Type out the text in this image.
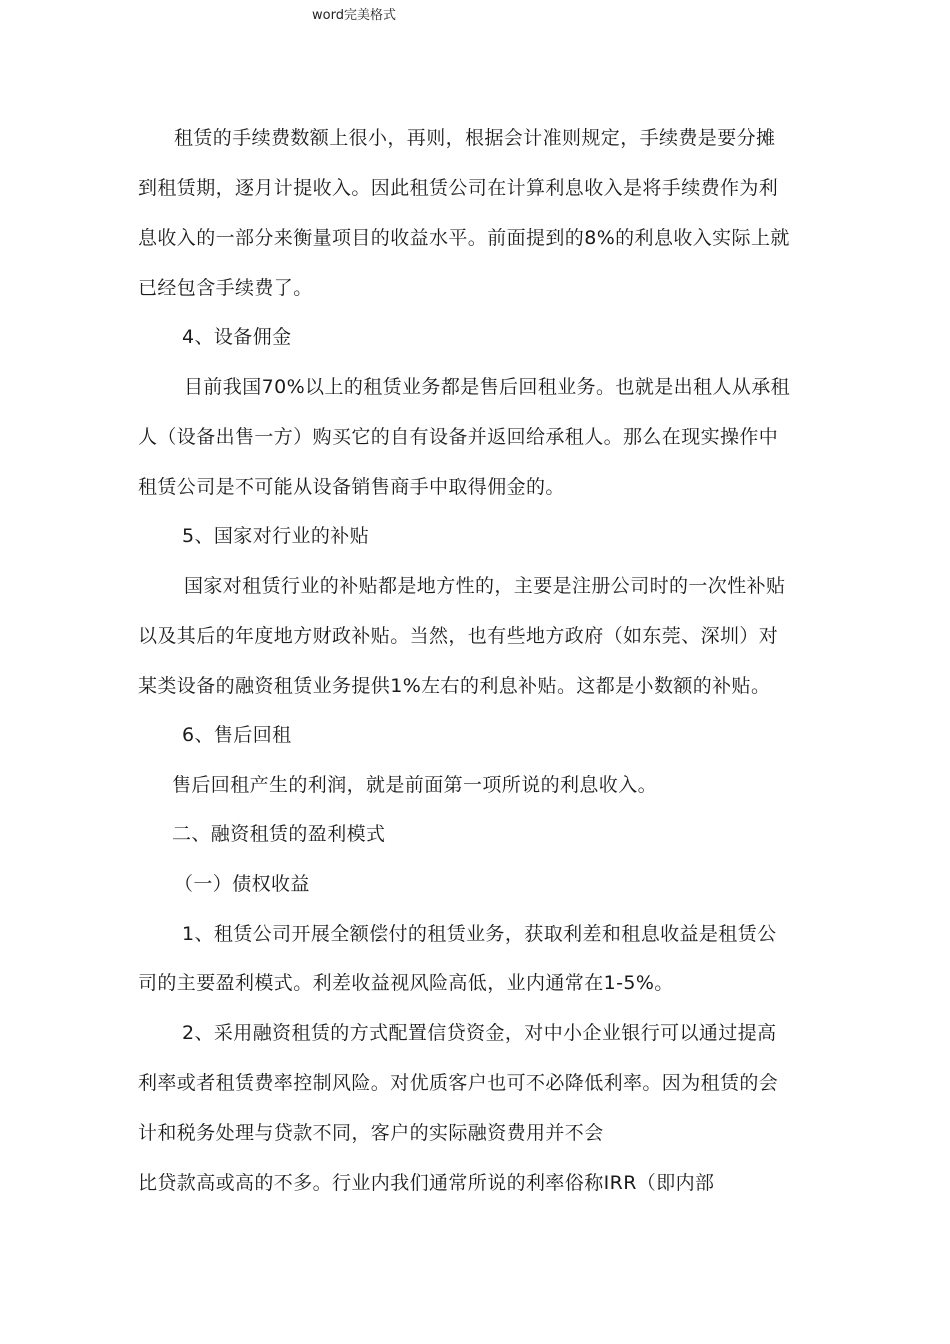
word完美格式
租赁的手续费数额上很小，再则，根据会计准则规定，手续费是要分摊
到租赁期，逐月计提收入。因此租赁公司在计算利息收入是将手续费作为利
息收入的一部分来衡量项目的收益水平。前面提到的8%的利息收入实际上就
已经包含手续费了。
4、设备佣金
目前我国70%以上的租赁业务都是售后回租业务。也就是出租人从承租
人（设备出售一方）购买它的自有设备并返回给承租人。那么在现实操作中
租赁公司是不可能从设备销售商手中取得佣金的。
5、国家对行业的补贴
国家对租赁行业的补贴都是地方性的，主要是注册公司时的一次性补贴
以及其后的年度地方财政补贴。当然，也有些地方政府（如东莞、深圳）对
某类设备的融资租赁业务提供1%左右的利息补贴。这都是小数额的补贴。
6、售后回租
售后回租产生的利润，就是前面第一项所说的利息收入。
二、融资租赁的盈利模式
（一）债权收益
1、租赁公司开展全额偿付的租赁业务，获取利差和租息收益是租赁公
司的主要盈利模式。利差收益视风险高低，业内通常在1-5%。
2、采用融资租赁的方式配置信贷资金，对中小企业银行可以通过提高
利率或者租赁费率控制风险。对优质客户也可不必降低利率。因为租赁的会
计和税务处理与贷款不同，客户的实际融资费用并不会
比贷款高或高的不多。行业内我们通常所说的利率俗称IRR（即内部
